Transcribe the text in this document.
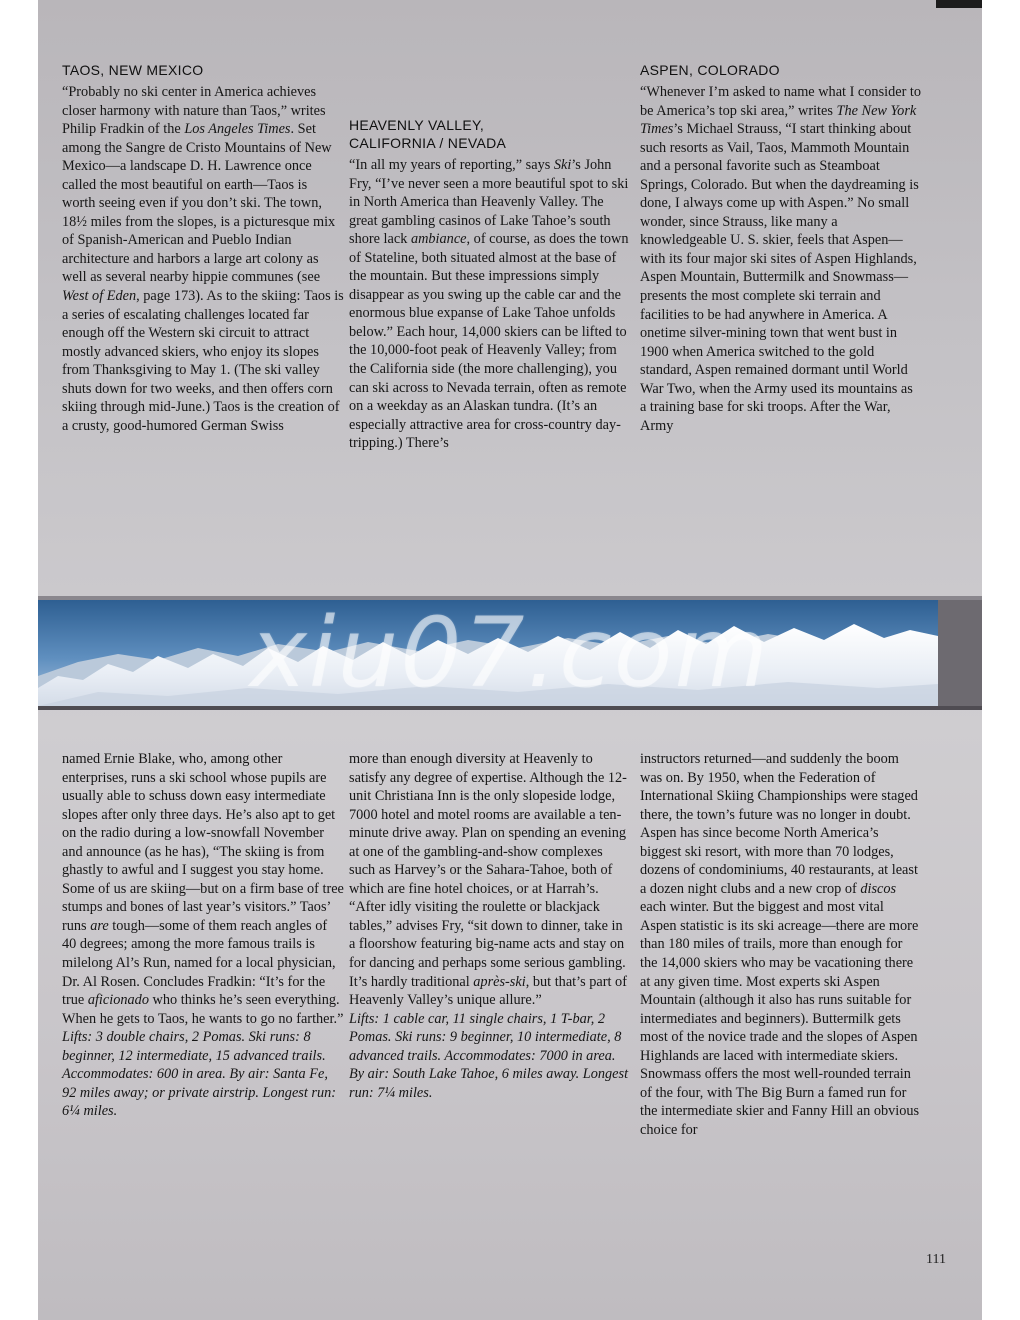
TAOS, NEW MEXICO

“Probably no ski center in America achieves closer harmony with nature than Taos,” writes Philip Fradkin of the Los Angeles Times. Set among the Sangre de Cristo Mountains of New Mexico—a landscape D. H. Lawrence once called the most beautiful on earth—Taos is worth seeing even if you don’t ski. The town, 18½ miles from the slopes, is a picturesque mix of Spanish-American and Pueblo Indian architecture and harbors a large art colony as well as several nearby hippie communes (see West of Eden, page 173). As to the skiing: Taos is a series of escalating challenges located far enough off the Western ski circuit to attract mostly advanced skiers, who enjoy its slopes from Thanksgiving to May 1. (The ski valley shuts down for two weeks, and then offers corn skiing through mid-June.) Taos is the creation of a crusty, good-humored German Swiss

HEAVENLY VALLEY,
CALIFORNIA / NEVADA

“In all my years of reporting,” says Ski’s John Fry, “I’ve never seen a more beautiful spot to ski in North America than Heavenly Valley. The great gambling casinos of Lake Tahoe’s south shore lack ambiance, of course, as does the town of Stateline, both situated almost at the base of the mountain. But these impressions simply disappear as you swing up the cable car and the enormous blue expanse of Lake Tahoe unfolds below.” Each hour, 14,000 skiers can be lifted to the 10,000-foot peak of Heavenly Valley; from the California side (the more challenging), you can ski across to Nevada terrain, often as remote on a weekday as an Alaskan tundra. (It’s an especially attractive area for cross-country day-tripping.) There’s

ASPEN, COLORADO

“Whenever I’m asked to name what I consider to be America’s top ski area,” writes The New York Times’s Michael Strauss, “I start thinking about such resorts as Vail, Taos, Mammoth Mountain and a personal favorite such as Steamboat Springs, Colorado. But when the daydreaming is done, I always come up with Aspen.” No small wonder, since Strauss, like many a knowledgeable U. S. skier, feels that Aspen—with its four major ski sites of Aspen Highlands, Aspen Mountain, Buttermilk and Snowmass—presents the most complete ski terrain and facilities to be had anywhere in America. A onetime silver-mining town that went bust in 1900 when America switched to the gold standard, Aspen remained dormant until World War Two, when the Army used its mountains as a training base for ski troops. After the War, Army

xiu07.com

named Ernie Blake, who, among other enterprises, runs a ski school whose pupils are usually able to schuss down easy intermediate slopes after only three days. He’s also apt to get on the radio during a low-snowfall November and announce (as he has), “The skiing is from ghastly to awful and I suggest you stay home. Some of us are skiing—but on a firm base of tree stumps and bones of last year’s visitors.” Taos’ runs are tough—some of them reach angles of 40 degrees; among the more famous trails is milelong Al’s Run, named for a local physician, Dr. Al Rosen. Concludes Fradkin: “It’s for the true aficionado who thinks he’s seen everything. When he gets to Taos, he wants to go no farther.”

Lifts: 3 double chairs, 2 Pomas. Ski runs: 8 beginner, 12 intermediate, 15 advanced trails. Accommodates: 600 in area. By air: Santa Fe, 92 miles away; or private airstrip. Longest run: 6¼ miles.

more than enough diversity at Heavenly to satisfy any degree of expertise. Although the 12-unit Christiana Inn is the only slopeside lodge, 7000 hotel and motel rooms are available a ten-minute drive away. Plan on spending an evening at one of the gambling-and-show complexes such as Harvey’s or the Sahara-Tahoe, both of which are fine hotel choices, or at Harrah’s. “After idly visiting the roulette or blackjack tables,” advises Fry, “sit down to dinner, take in a floorshow featuring big-name acts and stay on for dancing and perhaps some serious gambling. It’s hardly traditional après-ski, but that’s part of Heavenly Valley’s unique allure.”

Lifts: 1 cable car, 11 single chairs, 1 T-bar, 2 Pomas. Ski runs: 9 beginner, 10 intermediate, 8 advanced trails. Accommodates: 7000 in area. By air: South Lake Tahoe, 6 miles away. Longest run: 7¼ miles.

instructors returned—and suddenly the boom was on. By 1950, when the Federation of International Skiing Championships were staged there, the town’s future was no longer in doubt. Aspen has since become North America’s biggest ski resort, with more than 70 lodges, dozens of condominiums, 40 restaurants, at least a dozen night clubs and a new crop of discos each winter. But the biggest and most vital Aspen statistic is its ski acreage—there are more than 180 miles of trails, more than enough for the 14,000 skiers who may be vacationing there at any given time. Most experts ski Aspen Mountain (although it also has runs suitable for intermediates and beginners). Buttermilk gets most of the novice trade and the slopes of Aspen Highlands are laced with intermediate skiers. Snowmass offers the most well-rounded terrain of the four, with The Big Burn a famed run for the intermediate skier and Fanny Hill an obvious choice for

111
